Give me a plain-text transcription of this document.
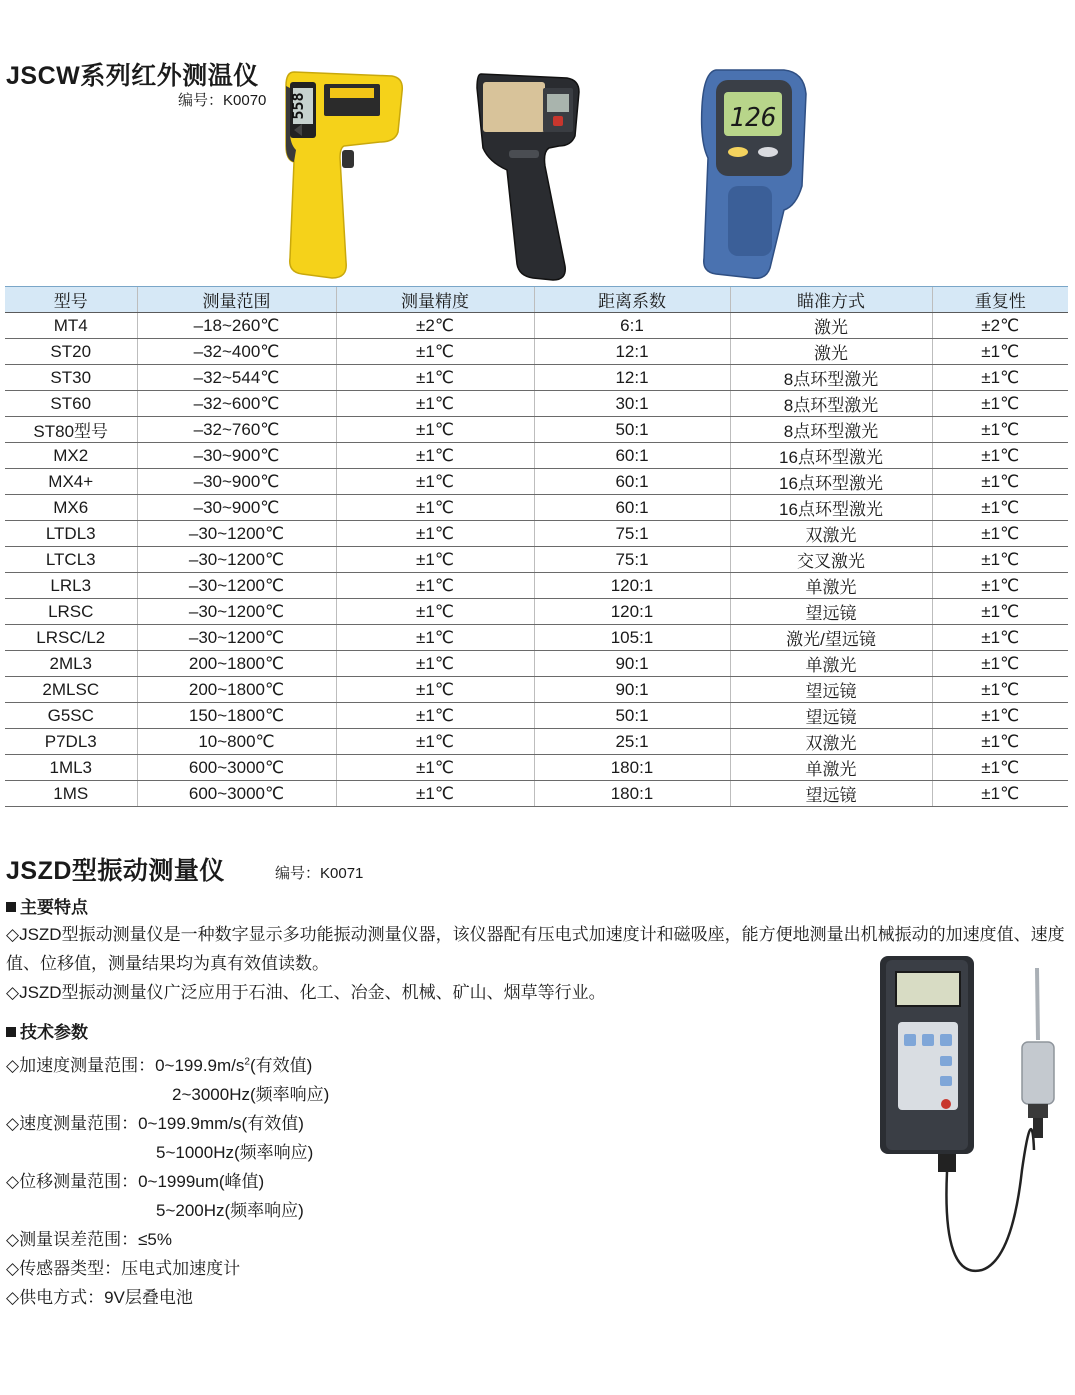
JSCW系列红外测温仪
编号：K0070 558	126
型号	测量范围	测量精度	距离系数	瞄准方式	重复性
MT4	–18~260℃	±2℃	6:1	激光	±2℃
ST20	–32~400℃	±1℃	12:1	激光	±1℃
ST30	–32~544℃	±1℃	12:1	8点环型激光	±1℃
ST60	–32~600℃	±1℃	30:1	8点环型激光	±1℃
ST80型号	–32~760℃	±1℃	50:1	8点环型激光	±1℃
MX2	–30~900℃	±1℃	60:1	16点环型激光	±1℃
MX4+	–30~900℃	±1℃	60:1	16点环型激光	±1℃
MX6	–30~900℃	±1℃	60:1	16点环型激光	±1℃
LTDL3	–30~1200℃	±1℃	75:1	双激光	±1℃
LTCL3	–30~1200℃	±1℃	75:1	交叉激光	±1℃
LRL3	–30~1200℃	±1℃	120:1	单激光	±1℃
LRSC	–30~1200℃	±1℃	120:1	望远镜	±1℃
LRSC/L2	–30~1200℃	±1℃	105:1	激光/望远镜	±1℃
2ML3	200~1800℃	±1℃	90:1	单激光	±1℃
2MLSC	200~1800℃	±1℃	90:1	望远镜	±1℃
G5SC	150~1800℃	±1℃	50:1	望远镜	±1℃
P7DL3	10~800℃	±1℃	25:1	双激光	±1℃
1ML3	600~3000℃	±1℃	180:1	单激光	±1℃
1MS	600~3000℃	±1℃	180:1	望远镜	±1℃
JSZD型振动测量仪	编号：K0071
主要特点
◇JSZD型振动测量仪是一种数字显示多功能振动测量仪器，该仪器配有压电式加速度计和磁吸座，能方便地测量出机械振动的加速度值、速度值、位移值，测量结果均为真有效值读数。
◇JSZD型振动测量仪广泛应用于石油、化工、冶金、机械、矿山、烟草等行业。
技术参数
◇加速度测量范围：$0\sim 199.9m/s^2$(有效值)
2~3000Hz(频率响应)
◇速度测量范围：0~199.9mm/s(有效值)
5~1000Hz(频率响应)
◇位移测量范围：0~1999um(峰值)
5~200Hz(频率响应)
◇测量误差范围：≤5%
◇传感器类型：压电式加速度计
◇供电方式：9V层叠电池
